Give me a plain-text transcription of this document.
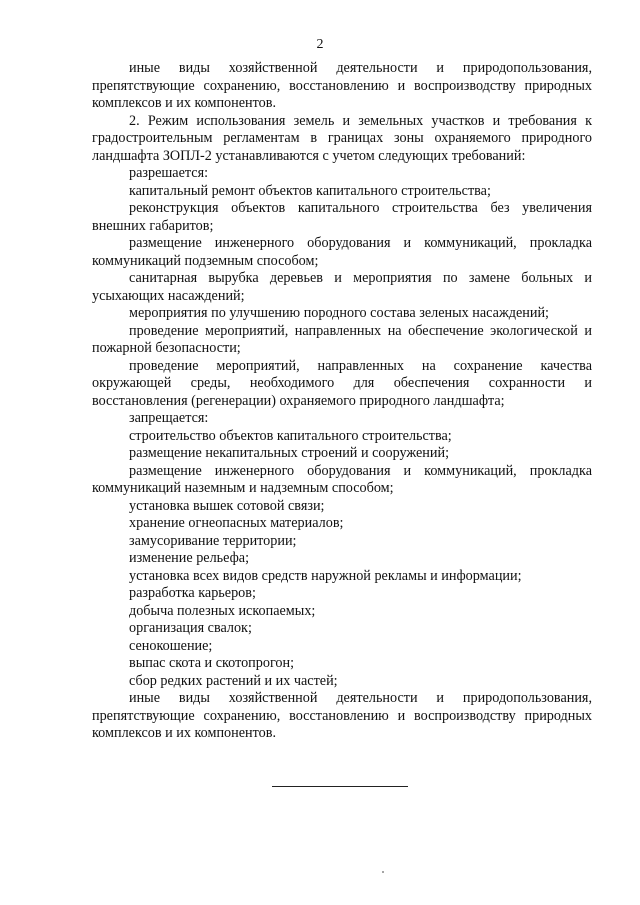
2

иные виды хозяйственной деятельности и природопользования, препятствующие сохранению, восстановлению и воспроизводству природных комплексов и их компонентов.

2. Режим использования земель и земельных участков и требования к градостроительным регламентам в границах зоны охраняемого природного ландшафта ЗОПЛ-2 устанавливаются с учетом следующих требований:

разрешается:

капитальный ремонт объектов капитального строительства;

реконструкция объектов капитального строительства без увеличения внешних габаритов;

размещение инженерного оборудования и коммуникаций, прокладка коммуникаций подземным способом;

санитарная вырубка деревьев и мероприятия по замене больных и усыхающих насаждений;

мероприятия по улучшению породного состава зеленых насаждений;

проведение мероприятий, направленных на обеспечение экологической и пожарной безопасности;

проведение мероприятий, направленных на сохранение качества окружающей среды, необходимого для обеспечения сохранности и восстановления (регенерации) охраняемого природного ландшафта;

запрещается:

строительство объектов капитального строительства;

размещение некапитальных строений и сооружений;

размещение инженерного оборудования и коммуникаций, прокладка коммуникаций наземным и надземным способом;

установка вышек сотовой связи;

хранение огнеопасных материалов;

замусоривание территории;

изменение рельефа;

установка всех видов средств наружной рекламы и информации;

разработка карьеров;

добыча полезных ископаемых;

организация свалок;

сенокошение;

выпас скота и скотопрогон;

сбор редких растений и их частей;

иные виды хозяйственной деятельности и природопользования, препятствующие сохранению, восстановлению и воспроизводству природных комплексов и их компонентов.
